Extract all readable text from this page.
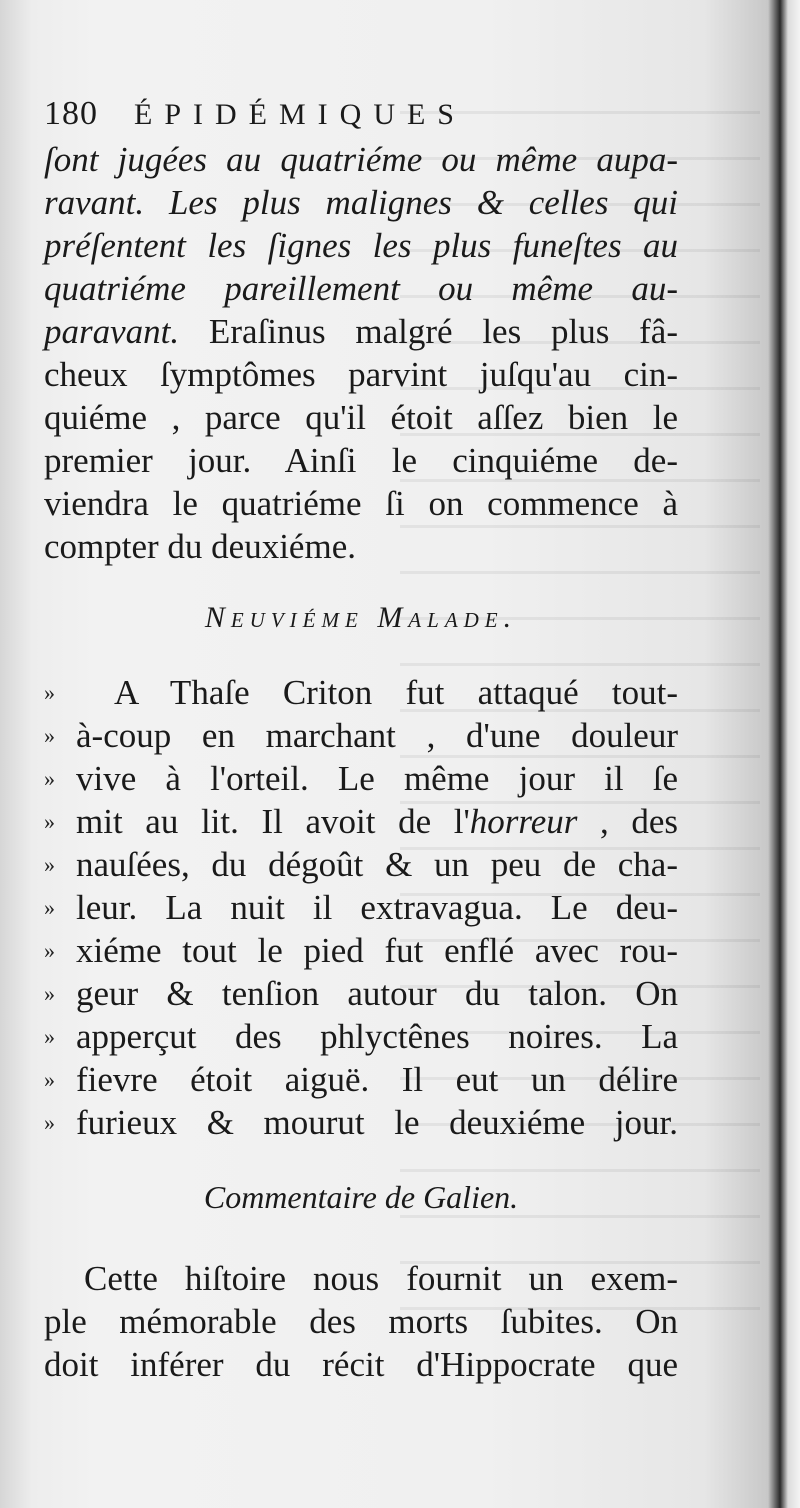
180	ÉPIDÉMIQUES
ſont jugées au quatriéme ou même aupa-
ravant. Les plus malignes & celles qui
préſentent les ſignes les plus funeſtes au
quatriéme pareillement ou même au-
paravant. Eraſinus malgré les plus fâ-
cheux ſymptômes parvint juſqu'au cin-
quiéme , parce qu'il étoit aſſez bien le
premier jour. Ainſi le cinquiéme de-
viendra le quatriéme ſi on commence à
compter du deuxiéme.
Neuviéme Malade.
» A Thaſe Criton fut attaqué tout-
» à-coup en marchant , d'une douleur
» vive à l'orteil. Le même jour il ſe
» mit au lit. Il avoit de l'horreur , des
» nauſées, du dégoût & un peu de cha-
» leur. La nuit il extravagua. Le deu-
» xiéme tout le pied fut enflé avec rou-
» geur & tenſion autour du talon. On
» apperçut des phlyctênes noires. La
» fievre étoit aiguë. Il eut un délire
» furieux & mourut le deuxiéme jour.
Commentaire de Galien.
Cette hiſtoire nous fournit un exem-
ple mémorable des morts ſubites. On
doit inférer du récit d'Hippocrate que
